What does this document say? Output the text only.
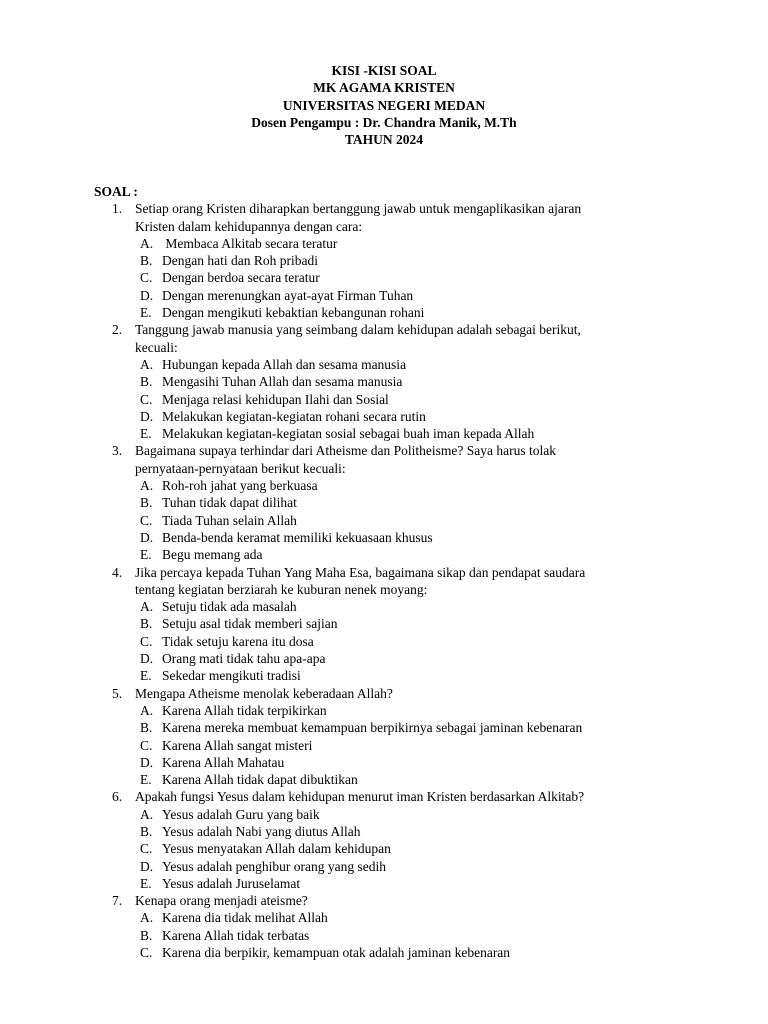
KISI -KISI SOAL
MK AGAMA KRISTEN
UNIVERSITAS NEGERI MEDAN
Dosen Pengampu : Dr. Chandra Manik, M.Th
TAHUN 2024
SOAL :
1. Setiap orang Kristen diharapkan bertanggung jawab untuk mengaplikasikan ajaran
Kristen dalam kehidupannya dengan cara:
A. Membaca Alkitab secara teratur
B. Dengan hati dan Roh pribadi
C. Dengan berdoa secara teratur
D. Dengan merenungkan ayat-ayat Firman Tuhan
E. Dengan mengikuti kebaktian kebangunan rohani
2. Tanggung jawab manusia yang seimbang dalam kehidupan adalah sebagai berikut,
kecuali:
A. Hubungan kepada Allah dan sesama manusia
B. Mengasihi Tuhan Allah dan sesama manusia
C. Menjaga relasi kehidupan Ilahi dan Sosial
D. Melakukan kegiatan-kegiatan rohani secara rutin
E. Melakukan kegiatan-kegiatan sosial sebagai buah iman kepada Allah
3. Bagaimana supaya terhindar dari Atheisme dan Politheisme? Saya harus tolak
pernyataan-pernyataan berikut kecuali:
A. Roh-roh jahat yang berkuasa
B. Tuhan tidak dapat dilihat
C. Tiada Tuhan selain Allah
D. Benda-benda keramat memiliki kekuasaan khusus
E. Begu memang ada
4. Jika percaya kepada Tuhan Yang Maha Esa, bagaimana sikap dan pendapat saudara
tentang kegiatan berziarah ke kuburan nenek moyang:
A. Setuju tidak ada masalah
B. Setuju asal tidak memberi sajian
C. Tidak setuju karena itu dosa
D. Orang mati tidak tahu apa-apa
E. Sekedar mengikuti tradisi
5. Mengapa Atheisme menolak keberadaan Allah?
A. Karena Allah tidak terpikirkan
B. Karena mereka membuat kemampuan berpikirnya sebagai jaminan kebenaran
C. Karena Allah sangat misteri
D. Karena Allah Mahatau
E. Karena Allah tidak dapat dibuktikan
6. Apakah fungsi Yesus dalam kehidupan menurut iman Kristen berdasarkan Alkitab?
A. Yesus adalah Guru yang baik
B. Yesus adalah Nabi yang diutus Allah
C. Yesus menyatakan Allah dalam kehidupan
D. Yesus adalah penghibur orang yang sedih
E. Yesus adalah Juruselamat
7. Kenapa orang menjadi ateisme?
A. Karena dia tidak melihat Allah
B. Karena Allah tidak terbatas
C. Karena dia berpikir, kemampuan otak adalah jaminan kebenaran
